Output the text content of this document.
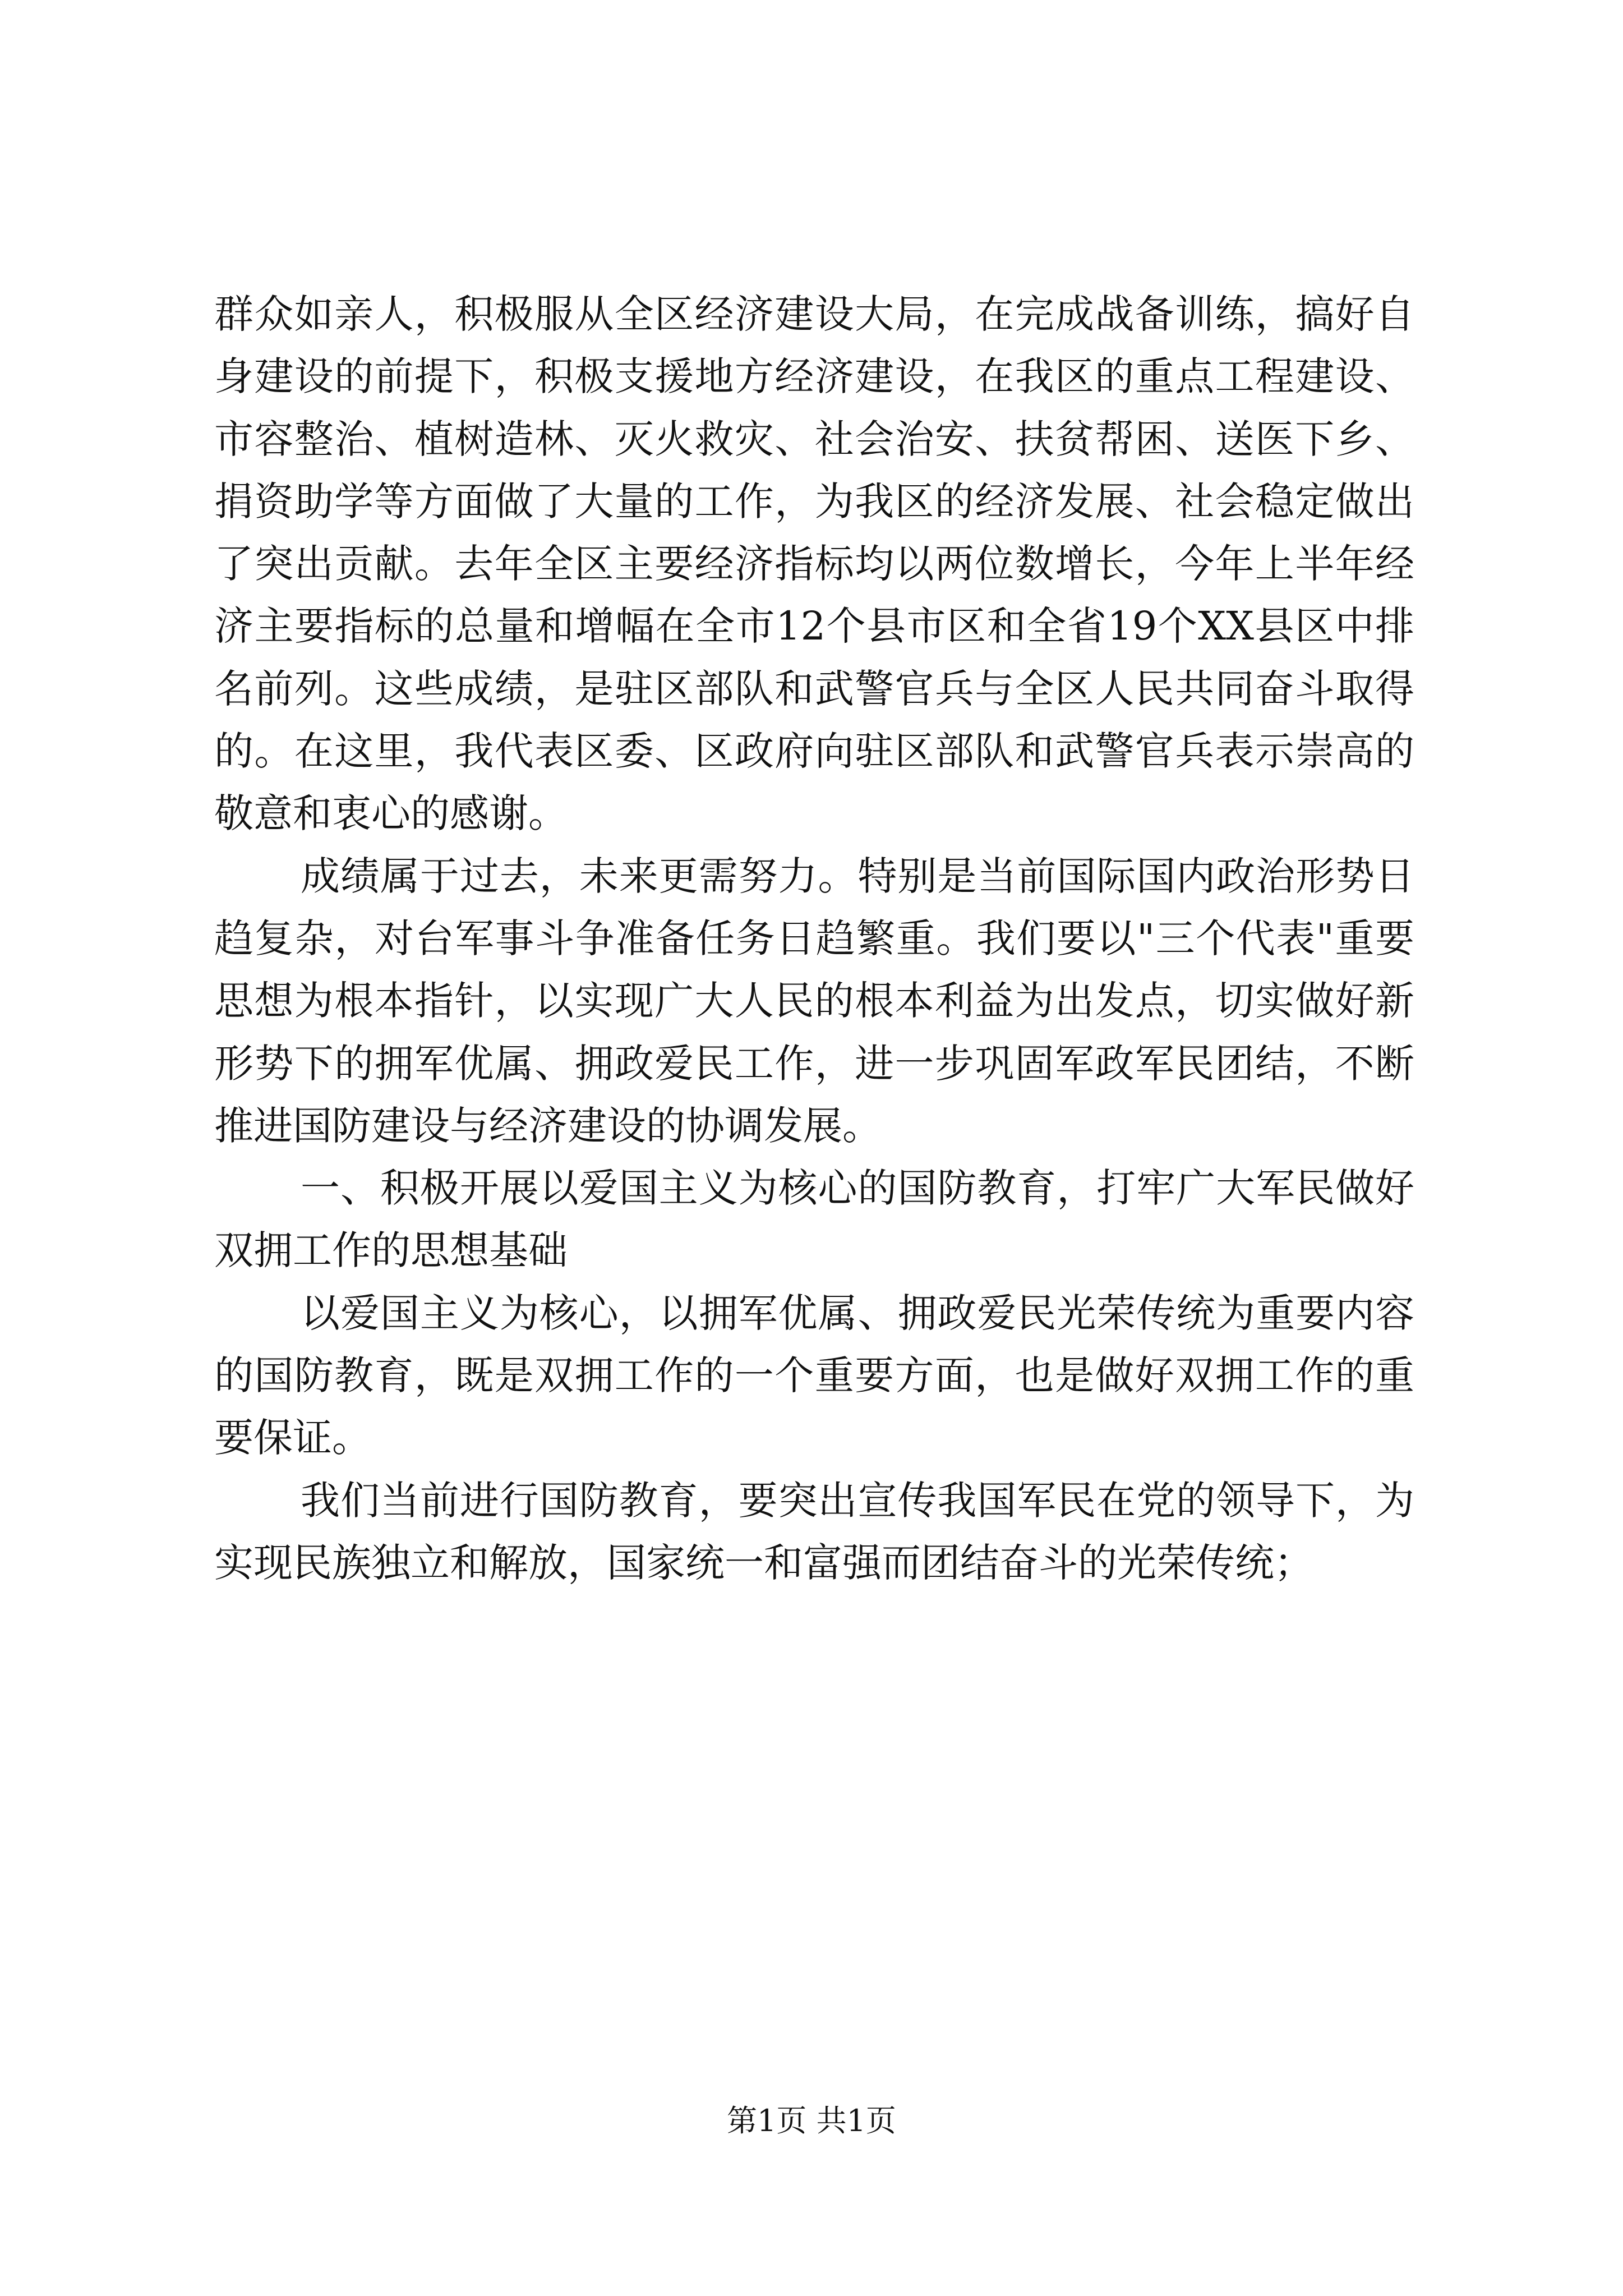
群众如亲人，积极服从全区经济建设大局，在完成战备训练，搞好自身建设的前提下，积极支援地方经济建设，在我区的重点工程建设、市容整治、植树造林、灭火救灾、社会治安、扶贫帮困、送医下乡、捐资助学等方面做了大量的工作，为我区的经济发展、社会稳定做出了突出贡献。去年全区主要经济指标均以两位数增长，今年上半年经济主要指标的总量和增幅在全市12个县市区和全省19个XX县区中排名前列。这些成绩，是驻区部队和武警官兵与全区人民共同奋斗取得的。在这里，我代表区委、区政府向驻区部队和武警官兵表示崇高的敬意和衷心的感谢。

成绩属于过去，未来更需努力。特别是当前国际国内政治形势日趋复杂，对台军事斗争准备任务日趋繁重。我们要以"三个代表"重要思想为根本指针，以实现广大人民的根本利益为出发点，切实做好新形势下的拥军优属、拥政爱民工作，进一步巩固军政军民团结，不断推进国防建设与经济建设的协调发展。

一、积极开展以爱国主义为核心的国防教育，打牢广大军民做好双拥工作的思想基础

以爱国主义为核心，以拥军优属、拥政爱民光荣传统为重要内容的国防教育，既是双拥工作的一个重要方面，也是做好双拥工作的重要保证。

我们当前进行国防教育，要突出宣传我国军民在党的领导下，为实现民族独立和解放，国家统一和富强而团结奋斗的光荣传统；

第1页 共1页
